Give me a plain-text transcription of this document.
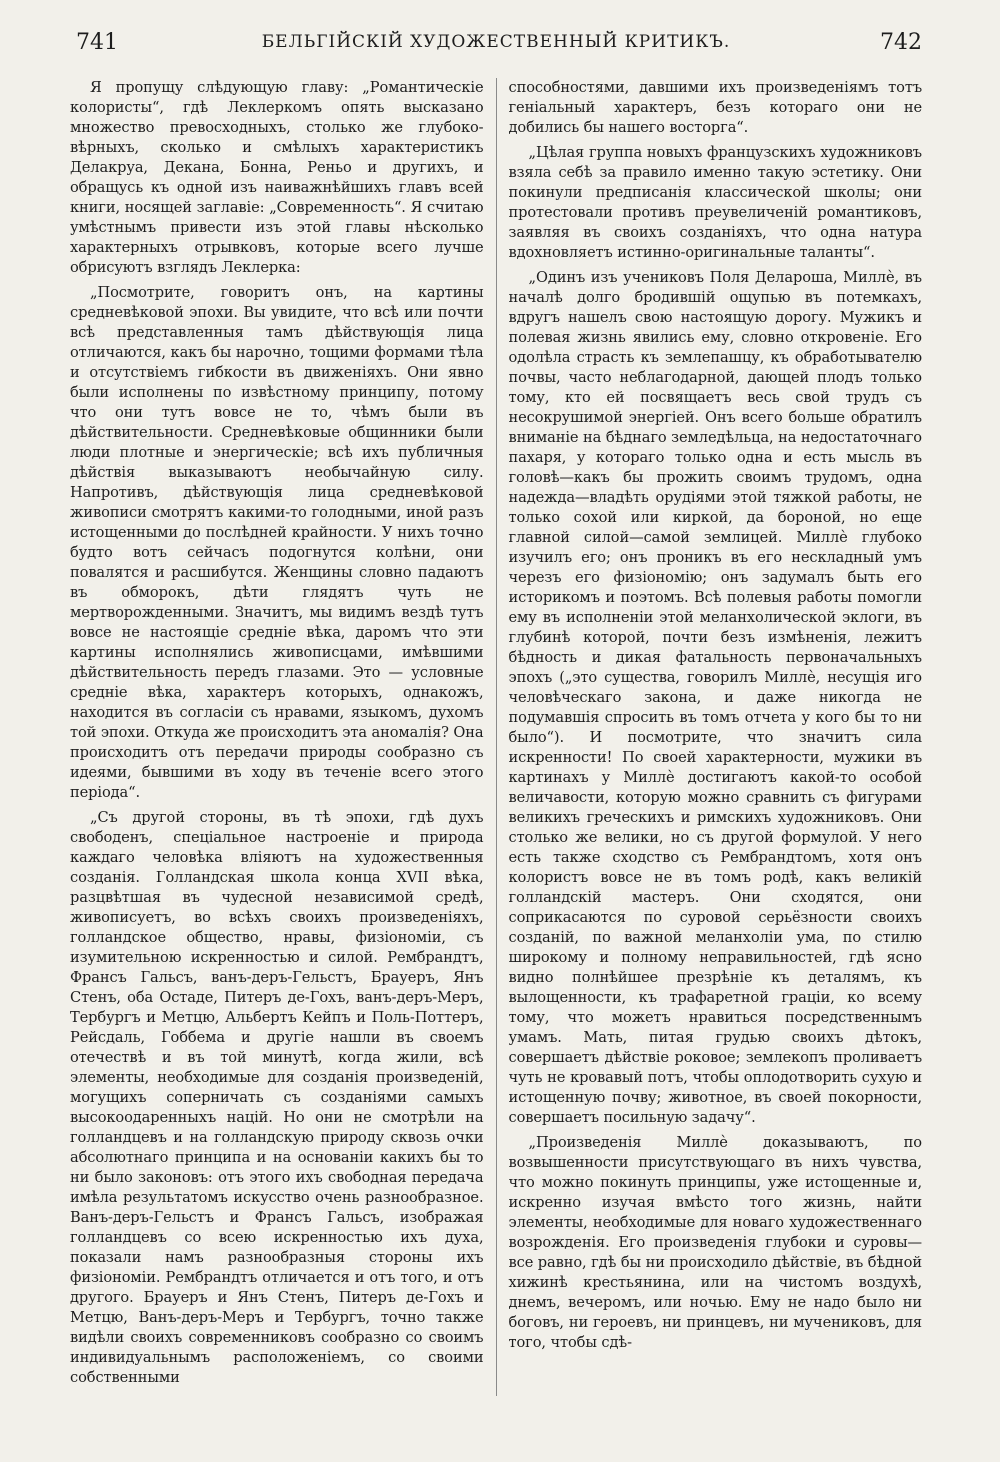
741	БЕЛЬГІЙСКІЙ ХУДОЖЕСТВЕННЫЙ КРИТИКЪ.	742

Я пропущу слѣдующую главу: „Романтическіе колористы“, гдѣ Леклеркомъ опять высказано множество превосходныхъ, столько же глубоко-вѣрныхъ, сколько и смѣлыхъ характеристикъ Делакруа, Декана, Бонна, Реньо и другихъ, и обращусь къ одной изъ наиважнѣйшихъ главъ всей книги, носящей заглавіе: „Современность“. Я считаю умѣстнымъ привести изъ этой главы нѣсколько характерныхъ отрывковъ, которые всего лучше обрисуютъ взглядъ Леклерка:

„Посмотрите, говоритъ онъ, на картины средневѣковой эпохи. Вы увидите, что всѣ или почти всѣ представленныя тамъ дѣйствующія лица отличаются, какъ бы нарочно, тощими формами тѣла и отсутствіемъ гибкости въ движеніяхъ. Они явно были исполнены по извѣстному принципу, потому что они тутъ вовсе не то, чѣмъ были въ дѣйствительности. Средневѣковые общинники были люди плотные и энергическіе; всѣ ихъ публичныя дѣйствія выказываютъ необычайную силу. Напротивъ, дѣйствующія лица средневѣковой живописи смотрятъ какими-то голодными, иной разъ истощенными до послѣдней крайности. У нихъ точно будто вотъ сейчасъ подогнутся колѣни, они повалятся и расшибутся. Женщины словно падаютъ въ обморокъ, дѣти глядятъ чуть не мертворожденными. Значитъ, мы видимъ вездѣ тутъ вовсе не настоящіе средніе вѣка, даромъ что эти картины исполнялись живописцами, имѣвшими дѣйствительность передъ глазами. Это — условные средніе вѣка, характеръ которыхъ, однакожъ, находится въ согласіи съ нравами, языкомъ, духомъ той эпохи. Откуда же происходитъ эта аномалія? Она происходитъ отъ передачи природы сообразно съ идеями, бывшими въ ходу въ теченіе всего этого періода“.

„Съ другой стороны, въ тѣ эпохи, гдѣ духъ свободенъ, спеціальное настроеніе и природа каждаго человѣка вліяютъ на художественныя созданія. Голландская школа конца XVII вѣка, разцвѣтшая въ чудесной независимой средѣ, живописуетъ, во всѣхъ своихъ произведеніяхъ, голландское общество, нравы, физіономіи, съ изумительною искренностью и силой. Рембрандтъ, Франсъ Гальсъ, ванъ-деръ-Гельстъ, Брауеръ, Янъ Стенъ, оба Остаде, Питеръ де-Гохъ, ванъ-деръ-Меръ, Тербургъ и Метцю, Альбертъ Кейпъ и Поль-Поттеръ, Рейсдаль, Гоббема и другіе нашли въ своемъ отечествѣ и въ той минутѣ, когда жили, всѣ элементы, необходимые для созданія произведеній, могущихъ соперничать съ созданіями самыхъ высокоодаренныхъ націй. Но они не смотрѣли на голландцевъ и на голландскую природу сквозь очки абсолютнаго принципа и на основаніи какихъ бы то ни было законовъ: отъ этого ихъ свободная передача имѣла результатомъ искусство очень разнообразное. Ванъ-деръ-Гельстъ и Франсъ Гальсъ, изображая голландцевъ со всею искренностью ихъ духа, показали намъ разнообразныя стороны ихъ физіономіи. Рембрандтъ отличается и отъ того, и отъ другого. Брауеръ и Янъ Стенъ, Питеръ де-Гохъ и Метцю, Ванъ-деръ-Меръ и Тербургъ, точно также видѣли своихъ современниковъ сообразно со своимъ индивидуальнымъ расположеніемъ, со своими собственными

способностями, давшими ихъ произведеніямъ тотъ геніальный характеръ, безъ котораго они не добились бы нашего восторга“.

„Цѣлая группа новыхъ французскихъ художниковъ взяла себѣ за правило именно такую эстетику. Они покинули предписанія классической школы; они протестовали противъ преувеличеній романтиковъ, заявляя въ своихъ созданіяхъ, что одна натура вдохновляетъ истинно-оригинальные таланты“.

„Одинъ изъ учениковъ Поля Делароша, Миллѐ, въ началѣ долго бродившій ощупью въ потемкахъ, вдругъ нашелъ свою настоящую дорогу. Мужикъ и полевая жизнь явились ему, словно откровеніе. Его одолѣла страсть къ землепашцу, къ обработывателю почвы, часто неблагодарной, дающей плодъ только тому, кто ей посвящаетъ весь свой трудъ съ несокрушимой энергіей. Онъ всего больше обратилъ вниманіе на бѣднаго земледѣльца, на недостаточнаго пахаря, у котораго только одна и есть мысль въ головѣ—какъ бы прожить своимъ трудомъ, одна надежда—владѣть орудіями этой тяжкой работы, не только сохой или киркой, да бороной, но еще главной силой—самой землицей. Миллѐ глубоко изучилъ его; онъ проникъ въ его нескладный умъ черезъ его физіономію; онъ задумалъ быть его историкомъ и поэтомъ. Всѣ полевыя работы помогли ему въ исполненіи этой меланхолической эклоги, въ глубинѣ которой, почти безъ измѣненія, лежитъ бѣдность и дикая фатальность первоначальныхъ эпохъ („это существа, говорилъ Миллѐ, несущія иго человѣческаго закона, и даже никогда не подумавшія спросить въ томъ отчета у кого бы то ни было“). И посмотрите, что значитъ сила искренности! По своей характерности, мужики въ картинахъ у Миллѐ достигаютъ какой-то особой величавости, которую можно сравнить съ фигурами великихъ греческихъ и римскихъ художниковъ. Они столько же велики, но съ другой формулой. У него есть также сходство съ Рембрандтомъ, хотя онъ колористъ вовсе не въ томъ родѣ, какъ великій голландскій мастеръ. Они сходятся, они соприкасаются по суровой серьёзности своихъ созданій, по важной меланхоліи ума, по стилю широкому и полному неправильностей, гдѣ ясно видно полнѣйшее презрѣніе къ деталямъ, къ вылощенности, къ трафаретной граціи, ко всему тому, что можетъ нравиться посредственнымъ умамъ. Мать, питая грудью своихъ дѣтокъ, совершаетъ дѣйствіе роковое; землекопъ проливаетъ чуть не кровавый потъ, чтобы оплодотворить сухую и истощенную почву; животное, въ своей покорности, совершаетъ посильную задачу“.

„Произведенія Миллѐ доказываютъ, по возвышенности присутствующаго въ нихъ чувства, что можно покинуть принципы, уже истощенные и, искренно изучая вмѣсто того жизнь, найти элементы, необходимые для новаго художественнаго возрожденія. Его произведенія глубоки и суровы—все равно, гдѣ бы ни происходило дѣйствіе, въ бѣдной хижинѣ крестьянина, или на чистомъ воздухѣ, днемъ, вечеромъ, или ночью. Ему не надо было ни боговъ, ни героевъ, ни принцевъ, ни мучениковъ, для того, чтобы сдѣ-
